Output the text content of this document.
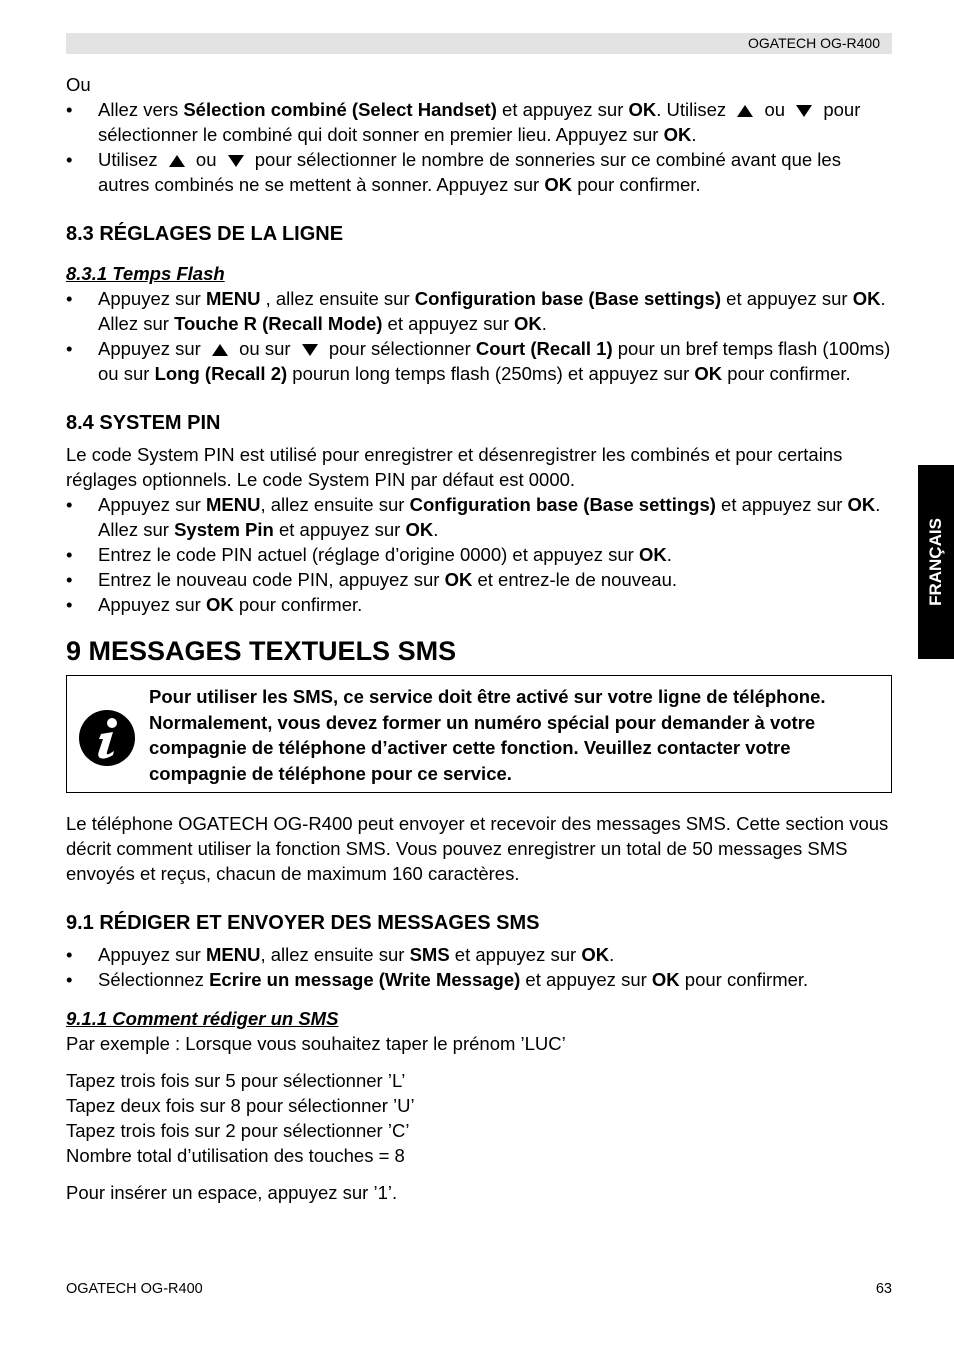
OGATECH OG-R400
FRANÇAIS

Ou

• Allez vers Sélection combiné (Select Handset) et appuyez sur OK. Utilisez  ou  pour sélectionner le combiné qui doit sonner en premier lieu. Appuyez sur OK.
• Utilisez  ou  pour sélectionner le nombre de sonneries sur ce combiné avant que les autres combinés ne se mettent à sonner. Appuyez sur OK pour confirmer.
8.3 RÉGLAGES DE LA LIGNE
8.3.1 Temps Flash
• Appuyez sur MENU , allez ensuite sur Configuration base (Base settings) et appuyez sur OK. Allez sur Touche R (Recall Mode) et appuyez sur OK.
• Appuyez sur  ou sur  pour sélectionner Court (Recall 1) pour un bref temps flash (100ms) ou sur Long (Recall 2) pourun long temps flash (250ms) et appuyez sur OK pour confirmer.
8.4 SYSTEM PIN

Le code System PIN est utilisé pour enregistrer et désenregistrer les combinés et pour certains réglages optionnels. Le code System PIN par défaut est 0000.

• Appuyez sur MENU, allez ensuite sur Configuration base (Base settings) et appuyez sur OK. Allez sur System Pin et appuyez sur OK.
• Entrez le code PIN actuel (réglage d’origine 0000) et appuyez sur OK.
• Entrez le nouveau code PIN, appuyez sur OK et entrez-le de nouveau.
• Appuyez sur OK pour confirmer.
9 MESSAGES TEXTUELS SMS
Pour utiliser les SMS, ce service doit être activé sur votre ligne de téléphone. Normalement, vous devez former un numéro spécial pour demander à votre compagnie de téléphone d’activer cette fonction. Veuillez contacter votre compagnie de téléphone pour ce service.

Le téléphone OGATECH OG-R400 peut envoyer et recevoir des messages SMS. Cette section vous décrit comment utiliser la fonction SMS. Vous pouvez enregistrer un total de 50 messages SMS envoyés et reçus, chacun de maximum 160 caractères.

9.1 RÉDIGER ET ENVOYER DES MESSAGES SMS
• Appuyez sur MENU, allez ensuite sur SMS et appuyez sur OK.
• Sélectionnez Ecrire un message (Write Message) et appuyez sur OK pour confirmer.
9.1.1 Comment rédiger un SMS

Par exemple : Lorsque vous souhaitez taper le prénom ’LUC’

Tapez trois fois sur 5 pour sélectionner ’L’

Tapez deux fois sur 8 pour sélectionner ’U’

Tapez trois fois sur 2 pour sélectionner ’C’

Nombre total d’utilisation des touches = 8

Pour insérer un espace, appuyez sur ’1’.

OGATECH OG-R400	63
